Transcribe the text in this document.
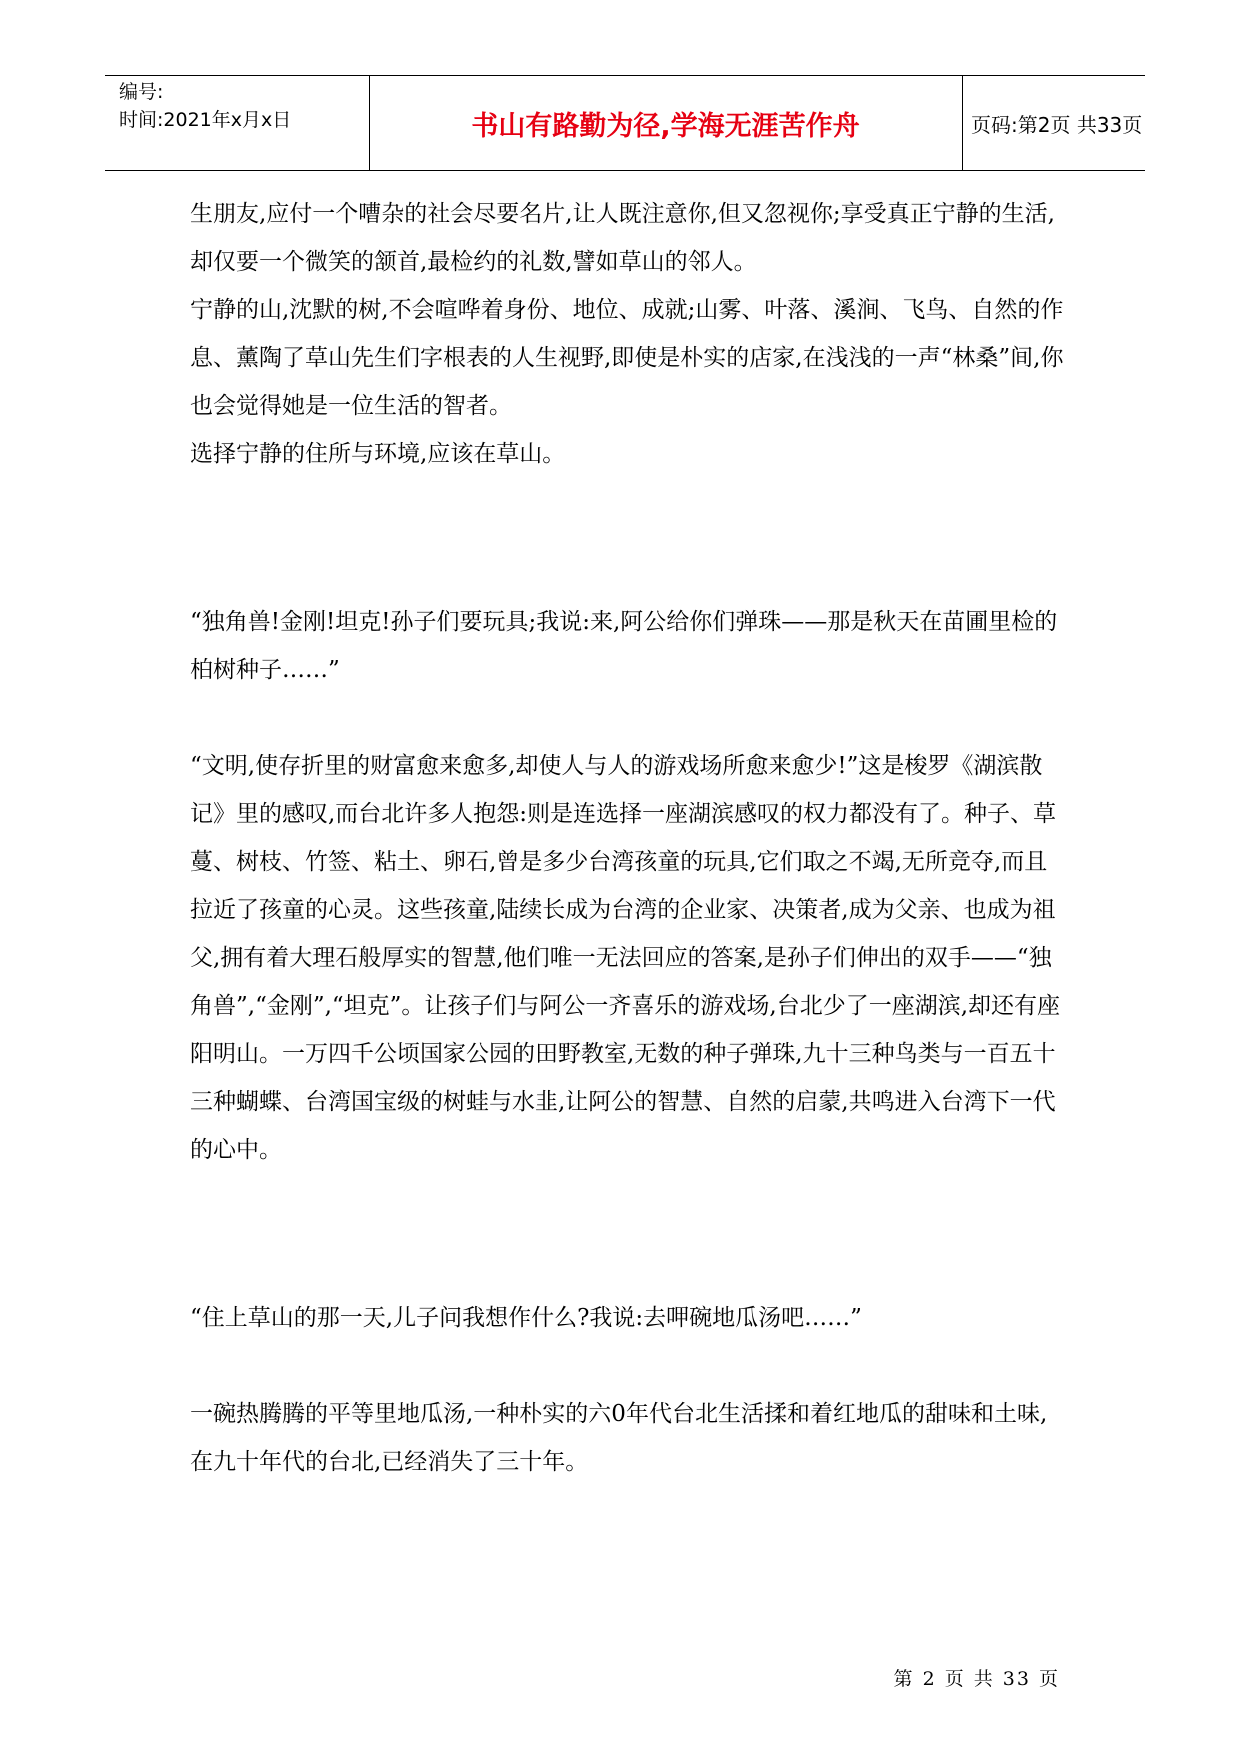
编号:
时间:2021年x月x日	书山有路勤为径,学海无涯苦作舟	页码:第2页 共33页

生朋友,应付一个嘈杂的社会尽要名片,让人既注意你,但又忽视你;享受真正宁静的生活,却仅要一个微笑的颔首,最检约的礼数,譬如草山的邻人。

宁静的山,沈默的树,不会喧哗着身份、地位、成就;山雾、叶落、溪涧、飞鸟、自然的作息、薰陶了草山先生们字根表的人生视野,即使是朴实的店家,在浅浅的一声“林桑”间,你也会觉得她是一位生活的智者。

选择宁静的住所与环境,应该在草山。

“独角兽!金刚!坦克!孙子们要玩具;我说:来,阿公给你们弹珠——那是秋天在苗圃里检的柏树种子……”

“文明,使存折里的财富愈来愈多,却使人与人的游戏场所愈来愈少!”这是梭罗《湖滨散记》里的感叹,而台北许多人抱怨:则是连选择一座湖滨感叹的权力都没有了。种子、草蔓、树枝、竹签、粘土、卵石,曾是多少台湾孩童的玩具,它们取之不竭,无所竞夺,而且拉近了孩童的心灵。这些孩童,陆续长成为台湾的企业家、决策者,成为父亲、也成为祖父,拥有着大理石般厚实的智慧,他们唯一无法回应的答案,是孙子们伸出的双手——“独角兽”,“金刚”,“坦克”。让孩子们与阿公一齐喜乐的游戏场,台北少了一座湖滨,却还有座阳明山。一万四千公顷国家公园的田野教室,无数的种子弹珠,九十三种鸟类与一百五十三种蝴蝶、台湾国宝级的树蛙与水韭,让阿公的智慧、自然的启蒙,共鸣进入台湾下一代的心中。

“住上草山的那一天,儿子问我想作什么?我说:去呷碗地瓜汤吧……”

一碗热腾腾的平等里地瓜汤,一种朴实的六0年代台北生活揉和着红地瓜的甜味和土味,在九十年代的台北,已经消失了三十年。

第 2 页 共 33 页
